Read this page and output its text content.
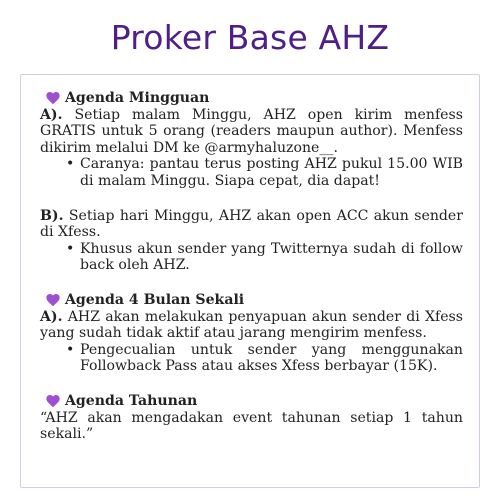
Proker Base AHZ
Agenda Mingguan
A). Setiap malam Minggu, AHZ open kirim menfess GRATIS untuk 5 orang (readers maupun author). Menfess dikirim melalui DM ke @armyhaluzone__.
• Caranya: pantau terus posting AHZ pukul 15.00 WIB di malam Minggu. Siapa cepat, dia dapat!
B). Setiap hari Minggu, AHZ akan open ACC akun sender di Xfess.
• Khusus akun sender yang Twitternya sudah di follow back oleh AHZ.
Agenda 4 Bulan Sekali
A). AHZ akan melakukan penyapuan akun sender di Xfess yang sudah tidak aktif atau jarang mengirim menfess.
• Pengecualian untuk sender yang menggunakan Followback Pass atau akses Xfess berbayar (15K).
Agenda Tahunan
“AHZ akan mengadakan event tahunan setiap 1 tahun sekali.”
